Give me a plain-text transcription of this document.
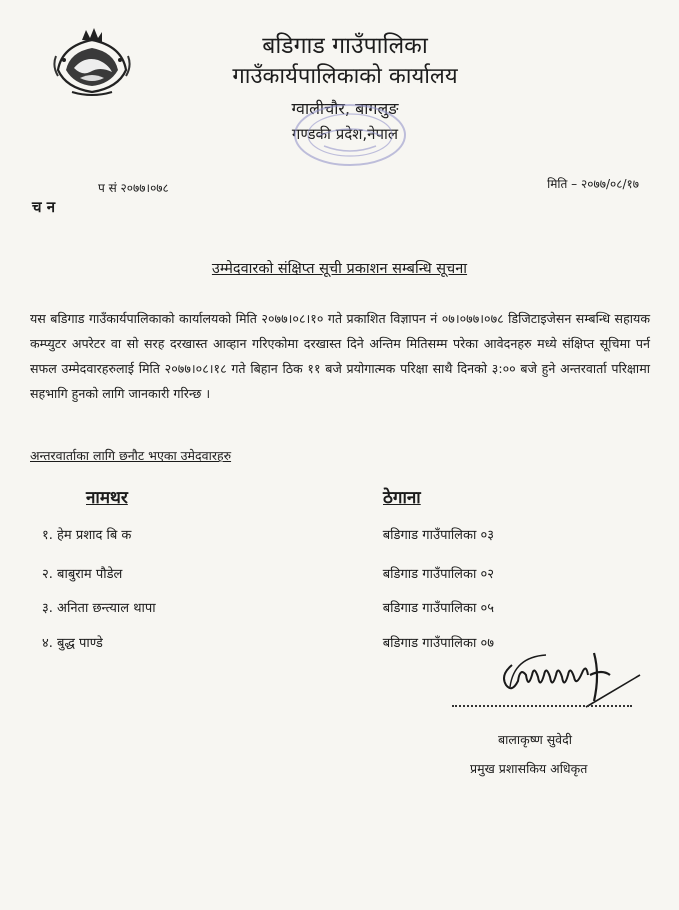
बडिगाड गाउँपालिका
गाउँकार्यपालिकाको कार्यालय
ग्वालीचौर, बागलुङ
गण्डकी प्रदेश,नेपाल
प सं २०७७।०७८	मिति – २०७७/०८/१७
च न
उम्मेदवारको संक्षिप्त सूची प्रकाशन सम्बन्धि सूचना

यस बडिगाड गाउँकार्यपालिकाको कार्यालयको मिति २०७७।०८।१० गते प्रकाशित विज्ञापन नं ०७।०७७।०७८ डिजिटाइजेसन सम्बन्धि सहायक कम्प्युटर अपरेटर वा सो सरह दरखास्त आव्हान गरिएकोमा दरखास्त दिने अन्तिम मितिसम्म परेका आवेदनहरु मध्ये संक्षिप्त सूचिमा पर्न सफल उम्मेदवारहरुलाई मिति २०७७।०८।१८ गते बिहान ठिक ११ बजे प्रयोगात्मक परिक्षा साथै दिनको ३:०० बजे हुने अन्तरवार्ता परिक्षामा सहभागि हुनको लागि जानकारी गरिन्छ ।

अन्तरवार्ताका लागि छनौट भएका उमेदवारहरु
नामथर	ठेगाना
१. हेम प्रशाद बि क	बडिगाड गाउँपालिका ०३
२. बाबुराम पौडेल	बडिगाड गाउँपालिका ०२
३. अनिता छन्त्याल थापा	बडिगाड गाउँपालिका ०५
४. बुद्ध पाण्डे	बडिगाड गाउँपालिका ०७
बालाकृष्ण सुवेदी
प्रमुख प्रशासकिय अधिकृत
